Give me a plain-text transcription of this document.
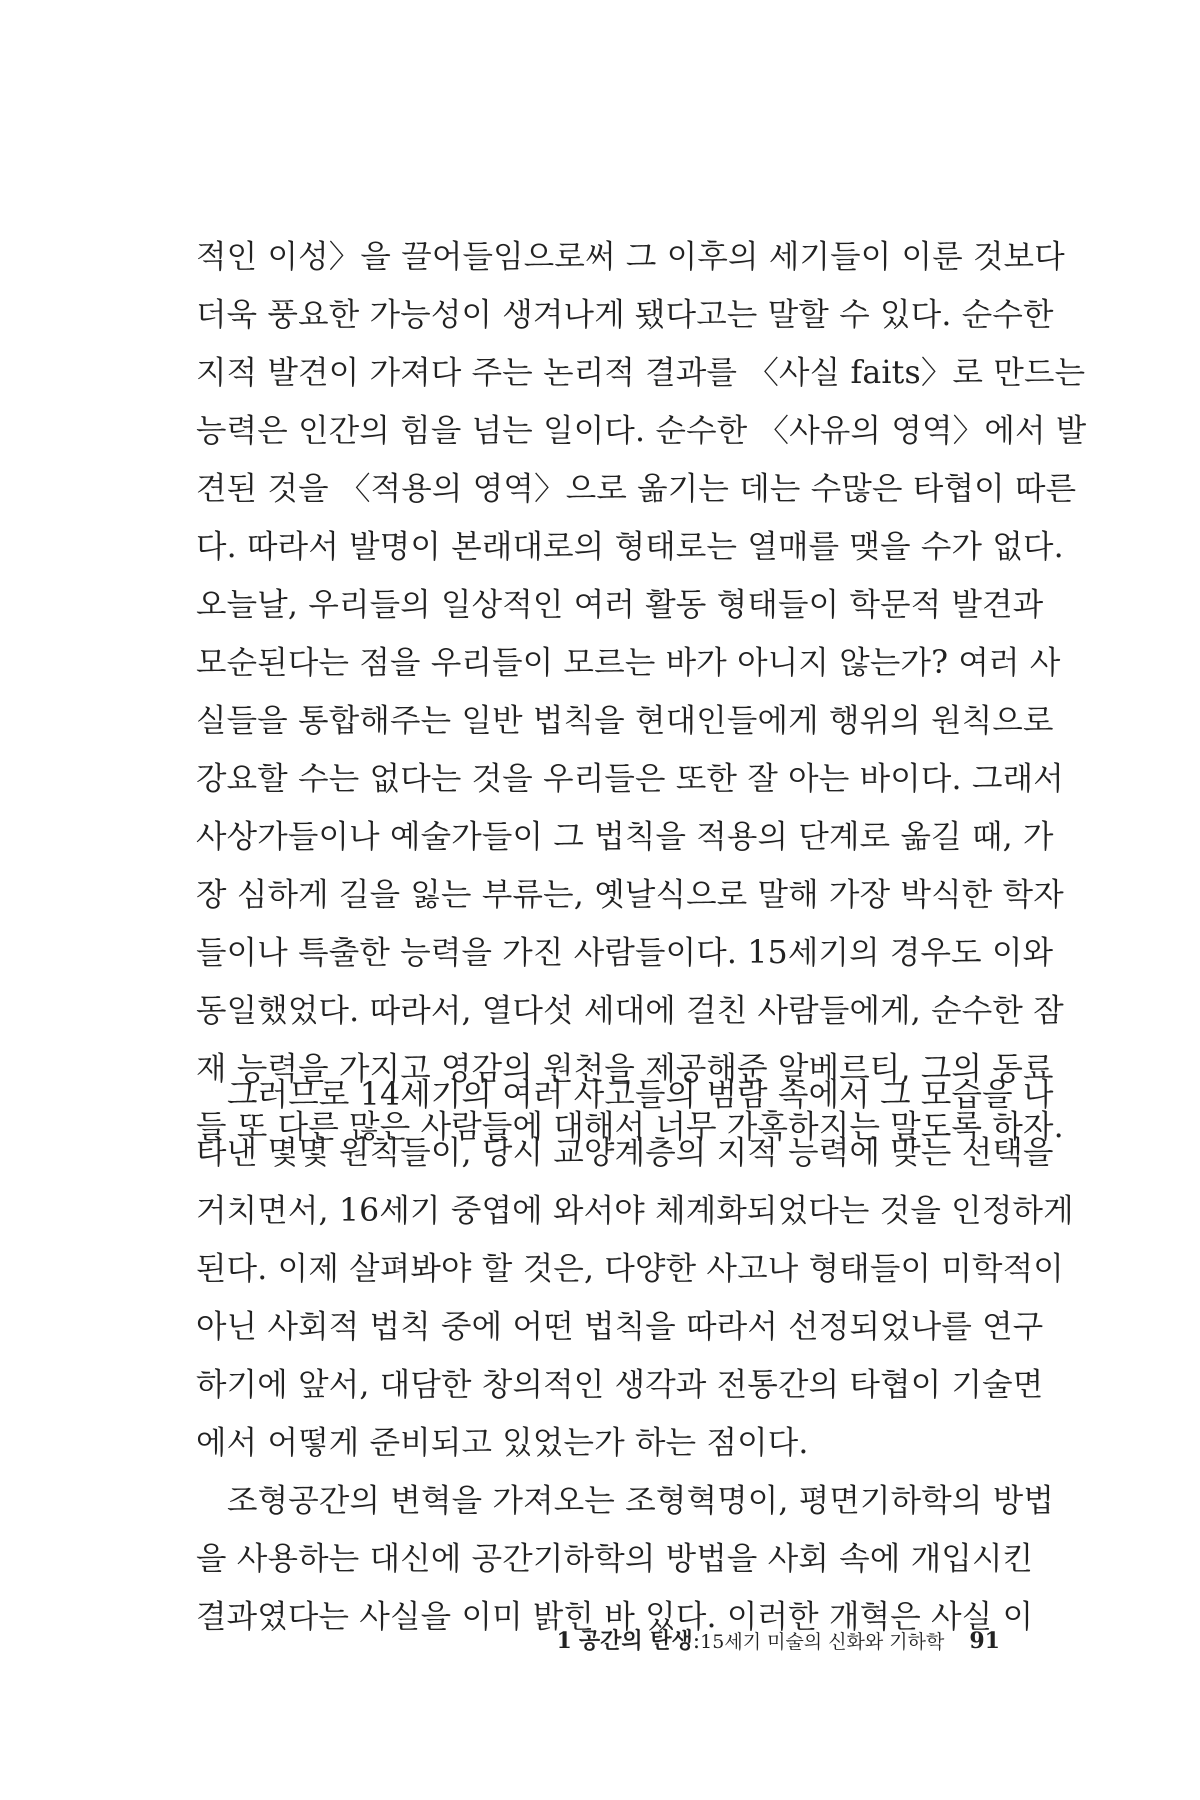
적인 이성〉을 끌어들임으로써 그 이후의 세기들이 이룬 것보다
더욱 풍요한 가능성이 생겨나게 됐다고는 말할 수 있다. 순수한
지적 발견이 가져다 주는 논리적 결과를 〈사실 faits〉로 만드는
능력은 인간의 힘을 넘는 일이다. 순수한 〈사유의 영역〉에서 발
견된 것을 〈적용의 영역〉으로 옮기는 데는 수많은 타협이 따른
다. 따라서 발명이 본래대로의 형태로는 열매를 맺을 수가 없다.
오늘날, 우리들의 일상적인 여러 활동 형태들이 학문적 발견과
모순된다는 점을 우리들이 모르는 바가 아니지 않는가? 여러 사
실들을 통합해주는 일반 법칙을 현대인들에게 행위의 원칙으로
강요할 수는 없다는 것을 우리들은 또한 잘 아는 바이다. 그래서
사상가들이나 예술가들이 그 법칙을 적용의 단계로 옮길 때, 가
장 심하게 길을 잃는 부류는, 옛날식으로 말해 가장 박식한 학자
들이나 특출한 능력을 가진 사람들이다. 15세기의 경우도 이와
동일했었다. 따라서, 열다섯 세대에 걸친 사람들에게, 순수한 잠
재 능력을 가지고 영감의 원천을 제공해준 알베르티, 그의 동료
들 또 다른 많은 사람들에 대해서 너무 가혹하지는 말도록 하자.
그러므로 14세기의 여러 사고들의 범람 속에서 그 모습을 나
타낸 몇몇 원칙들이, 당시 교양계층의 지적 능력에 맞는 선택을
거치면서, 16세기 중엽에 와서야 체계화되었다는 것을 인정하게
된다. 이제 살펴봐야 할 것은, 다양한 사고나 형태들이 미학적이
아닌 사회적 법칙 중에 어떤 법칙을 따라서 선정되었나를 연구
하기에 앞서, 대담한 창의적인 생각과 전통간의 타협이 기술면
에서 어떻게 준비되고 있었는가 하는 점이다.
조형공간의 변혁을 가져오는 조형혁명이, 평면기하학의 방법
을 사용하는 대신에 공간기하학의 방법을 사회 속에 개입시킨
결과였다는 사실을 이미 밝힌 바 있다. 이러한 개혁은 사실 이
1 공간의 탄생:15세기 미술의 신화와 기하학 91
